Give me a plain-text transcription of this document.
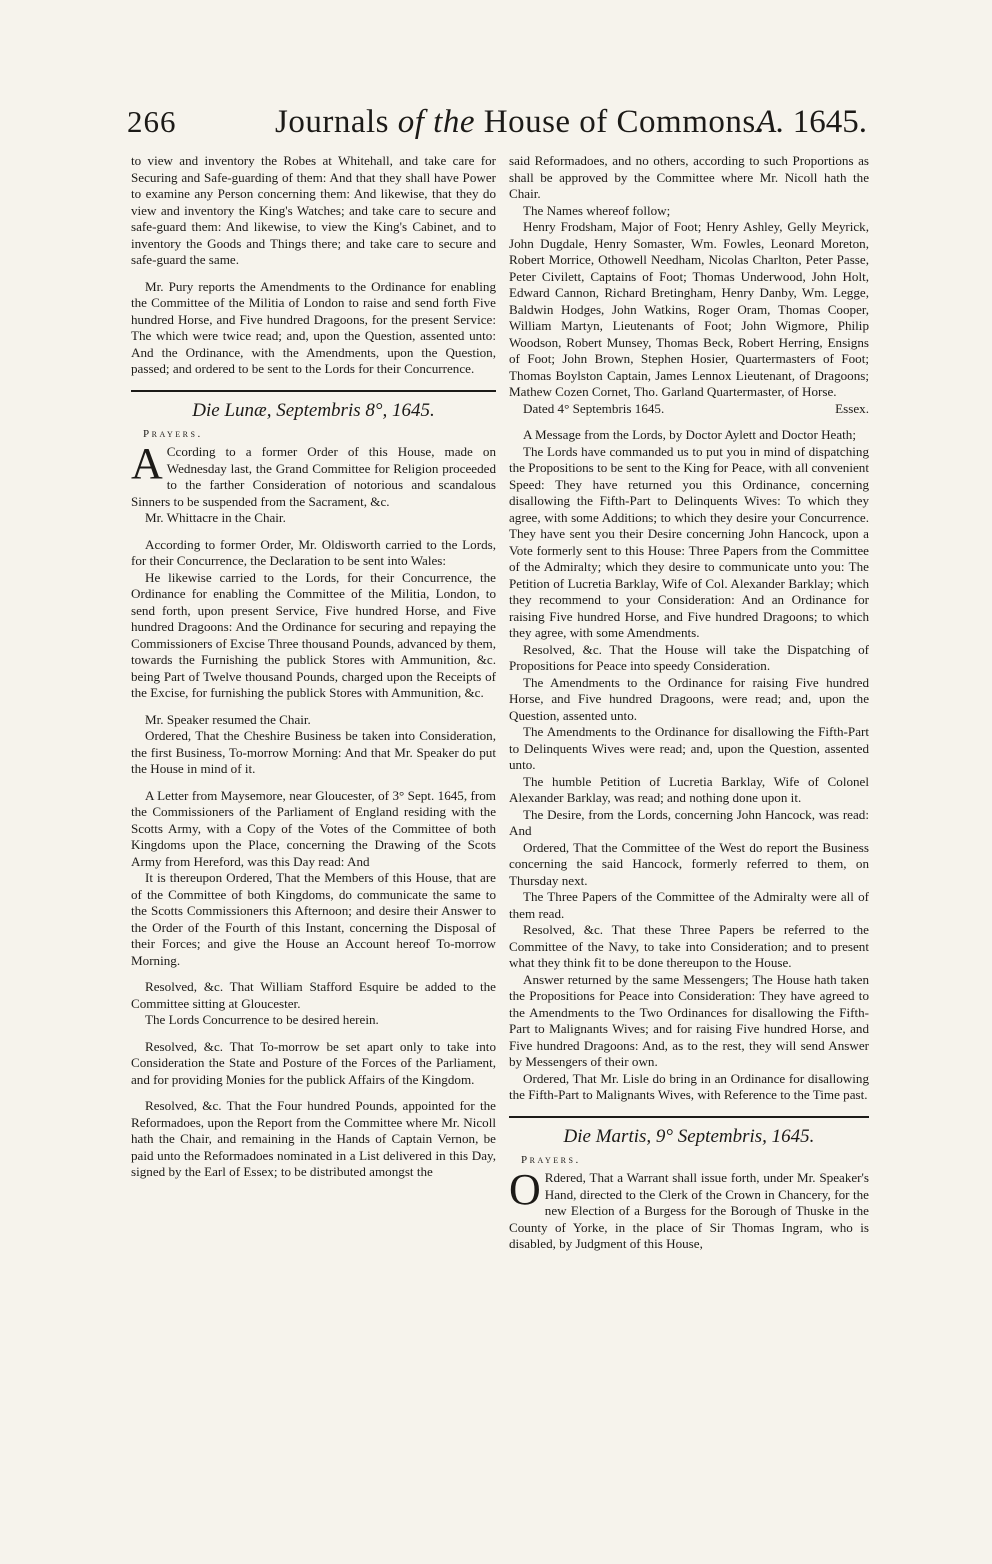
266	Journals of the House of Commons.
A. 1645.

to view and inventory the Robes at Whitehall, and take care for Securing and Safe-guarding of them: And that they shall have Power to examine any Person concerning them: And likewise, that they do view and inventory the King's Watches; and take care to secure and safe-guard them: And likewise, to view the King's Cabinet, and to inventory the Goods and Things there; and take care to secure and safe-guard the same.

Mr. Pury reports the Amendments to the Ordinance for enabling the Committee of the Militia of London to raise and send forth Five hundred Horse, and Five hundred Dragoons, for the present Service: The which were twice read; and, upon the Question, assented unto: And the Ordinance, with the Amendments, upon the Question, passed; and ordered to be sent to the Lords for their Concurrence.

Die Lunæ, Septembris 8°, 1645.
Prayers.

A Ccording to a former Order of this House, made on Wednesday last, the Grand Committee for Religion proceeded to the farther Consideration of notorious and scandalous Sinners to be suspended from the Sacrament, &c.

Mr. Whittacre in the Chair.

According to former Order, Mr. Oldisworth carried to the Lords, for their Concurrence, the Declaration to be sent into Wales:

He likewise carried to the Lords, for their Concurrence, the Ordinance for enabling the Committee of the Militia, London, to send forth, upon present Service, Five hundred Horse, and Five hundred Dragoons: And the Ordinance for securing and repaying the Commissioners of Excise Three thousand Pounds, advanced by them, towards the Furnishing the publick Stores with Ammunition, &c. being Part of Twelve thousand Pounds, charged upon the Receipts of the Excise, for furnishing the publick Stores with Ammunition, &c.

Mr. Speaker resumed the Chair.

Ordered, That the Cheshire Business be taken into Consideration, the first Business, To-morrow Morning: And that Mr. Speaker do put the House in mind of it.

A Letter from Maysemore, near Gloucester, of 3° Sept. 1645, from the Commissioners of the Parliament of England residing with the Scotts Army, with a Copy of the Votes of the Committee of both Kingdoms upon the Place, concerning the Drawing of the Scots Army from Hereford, was this Day read: And

It is thereupon Ordered, That the Members of this House, that are of the Committee of both Kingdoms, do communicate the same to the Scotts Commissioners this Afternoon; and desire their Answer to the Order of the Fourth of this Instant, concerning the Disposal of their Forces; and give the House an Account hereof To-morrow Morning.

Resolved, &c. That William Stafford Esquire be added to the Committee sitting at Gloucester.

The Lords Concurrence to be desired herein.

Resolved, &c. That To-morrow be set apart only to take into Consideration the State and Posture of the Forces of the Parliament, and for providing Monies for the publick Affairs of the Kingdom.

Resolved, &c. That the Four hundred Pounds, appointed for the Reformadoes, upon the Report from the Committee where Mr. Nicoll hath the Chair, and remaining in the Hands of Captain Vernon, be paid unto the Reformadoes nominated in a List delivered in this Day, signed by the Earl of Essex; to be distributed amongst the

said Reformadoes, and no others, according to such Proportions as shall be approved by the Committee where Mr. Nicoll hath the Chair.

The Names whereof follow;

Henry Frodsham, Major of Foot; Henry Ashley, Gelly Meyrick, John Dugdale, Henry Somaster, Wm. Fowles, Leonard Moreton, Robert Morrice, Othowell Needham, Nicolas Charlton, Peter Passe, Peter Civilett, Captains of Foot; Thomas Underwood, John Holt, Edward Cannon, Richard Bretingham, Henry Danby, Wm. Legge, Baldwin Hodges, John Watkins, Roger Oram, Thomas Cooper, William Martyn, Lieutenants of Foot; John Wigmore, Philip Woodson, Robert Munsey, Thomas Beck, Robert Herring, Ensigns of Foot; John Brown, Stephen Hosier, Quartermasters of Foot; Thomas Boylston Captain, James Lennox Lieutenant, of Dragoons; Mathew Cozen Cornet, Tho. Garland Quartermaster, of Horse.

Dated 4° Septembris 1645.	Essex.

A Message from the Lords, by Doctor Aylett and Doctor Heath;

The Lords have commanded us to put you in mind of dispatching the Propositions to be sent to the King for Peace, with all convenient Speed: They have returned you this Ordinance, concerning disallowing the Fifth-Part to Delinquents Wives: To which they agree, with some Additions; to which they desire your Concurrence. They have sent you their Desire concerning John Hancock, upon a Vote formerly sent to this House: Three Papers from the Committee of the Admiralty; which they desire to communicate unto you: The Petition of Lucretia Barklay, Wife of Col. Alexander Barklay; which they recommend to your Consideration: And an Ordinance for raising Five hundred Horse, and Five hundred Dragoons; to which they agree, with some Amendments.

Resolved, &c. That the House will take the Dispatching of Propositions for Peace into speedy Consideration.

The Amendments to the Ordinance for raising Five hundred Horse, and Five hundred Dragoons, were read; and, upon the Question, assented unto.

The Amendments to the Ordinance for disallowing the Fifth-Part to Delinquents Wives were read; and, upon the Question, assented unto.

The humble Petition of Lucretia Barklay, Wife of Colonel Alexander Barklay, was read; and nothing done upon it.

The Desire, from the Lords, concerning John Hancock, was read: And

Ordered, That the Committee of the West do report the Business concerning the said Hancock, formerly referred to them, on Thursday next.

The Three Papers of the Committee of the Admiralty were all of them read.

Resolved, &c. That these Three Papers be referred to the Committee of the Navy, to take into Consideration; and to present what they think fit to be done thereupon to the House.

Answer returned by the same Messengers; The House hath taken the Propositions for Peace into Consideration: They have agreed to the Amendments to the Two Ordinances for disallowing the Fifth-Part to Malignants Wives; and for raising Five hundred Horse, and Five hundred Dragoons: And, as to the rest, they will send Answer by Messengers of their own.

Ordered, That Mr. Lisle do bring in an Ordinance for disallowing the Fifth-Part to Malignants Wives, with Reference to the Time past.

Die Martis, 9° Septembris, 1645.
Prayers.

O Rdered, That a Warrant shall issue forth, under Mr. Speaker's Hand, directed to the Clerk of the Crown in Chancery, for the new Election of a Burgess for the Borough of Thuske in the County of Yorke, in the place of Sir Thomas Ingram, who is disabled, by Judgment of this House,
